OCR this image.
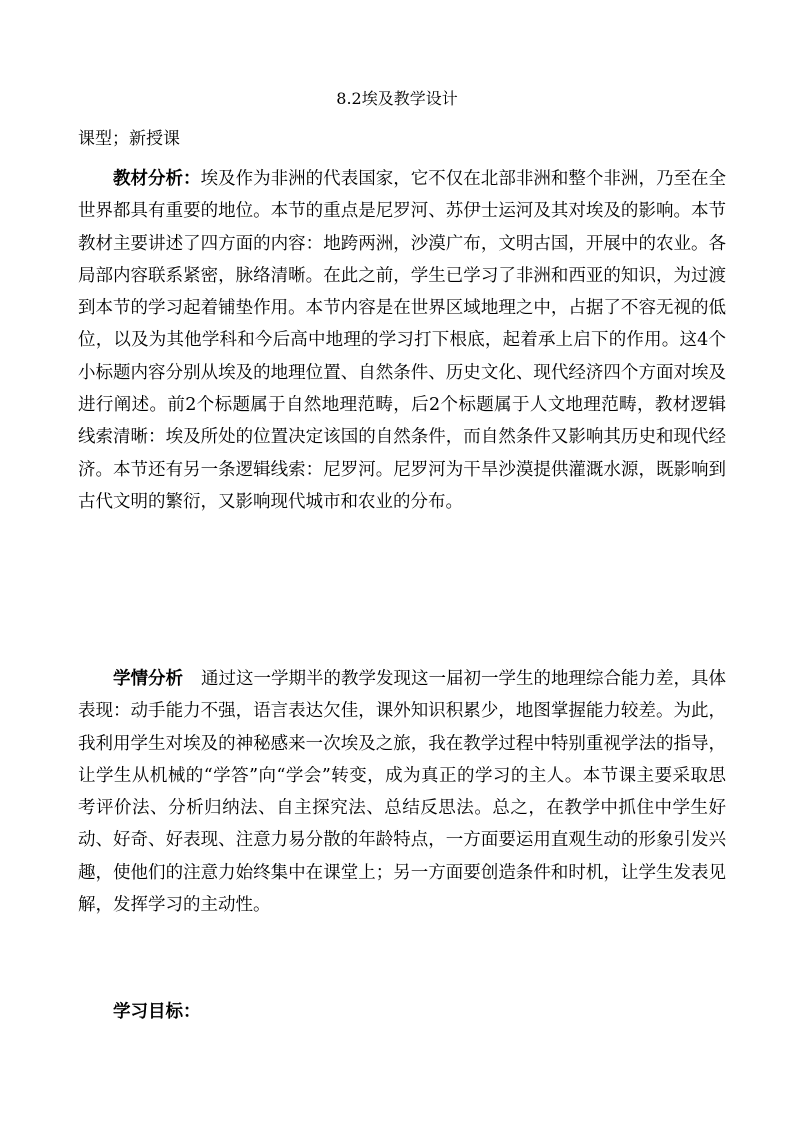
8.2埃及教学设计
课型；新授课

教材分析：埃及作为非洲的代表国家，它不仅在北部非洲和整个非洲，乃至在全世界都具有重要的地位。本节的重点是尼罗河、苏伊士运河及其对埃及的影响。本节教材主要讲述了四方面的内容：地跨两洲，沙漠广布，文明古国，开展中的农业。各局部内容联系紧密，脉络清晰。在此之前，学生已学习了非洲和西亚的知识，为过渡到本节的学习起着铺垫作用。本节内容是在世界区域地理之中，占据了不容无视的低位，以及为其他学科和今后高中地理的学习打下根底，起着承上启下的作用。这4个小标题内容分别从埃及的地理位置、自然条件、历史文化、现代经济四个方面对埃及进行阐述。前2个标题属于自然地理范畴，后2个标题属于人文地理范畴，教材逻辑线索清晰：埃及所处的位置决定该国的自然条件，而自然条件又影响其历史和现代经济。本节还有另一条逻辑线索：尼罗河。尼罗河为干旱沙漠提供灌溉水源，既影响到古代文明的繁衍，又影响现代城市和农业的分布。

学情分析 通过这一学期半的教学发现这一届初一学生的地理综合能力差，具体表现：动手能力不强，语言表达欠佳，课外知识积累少，地图掌握能力较差。为此，我利用学生对埃及的神秘感来一次埃及之旅，我在教学过程中特别重视学法的指导，让学生从机械的“学答”向“学会”转变，成为真正的学习的主人。本节课主要采取思考评价法、分析归纳法、自主探究法、总结反思法。总之，在教学中抓住中学生好动、好奇、好表现、注意力易分散的年龄特点，一方面要运用直观生动的形象引发兴趣，使他们的注意力始终集中在课堂上；另一方面要创造条件和时机，让学生发表见解，发挥学习的主动性。

学习目标：
